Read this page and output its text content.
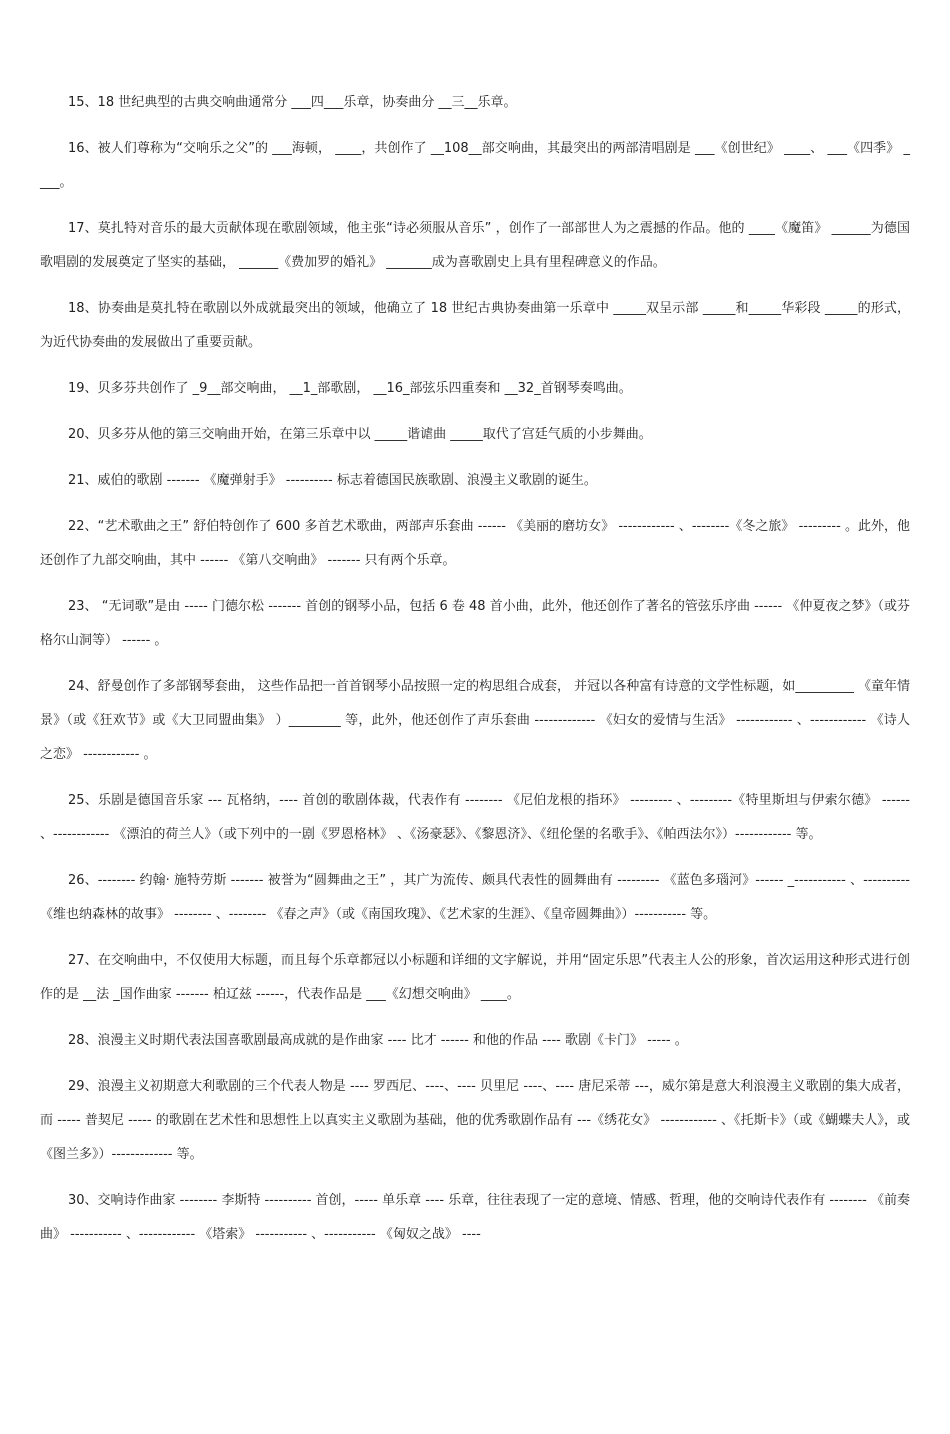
15、18 世纪典型的古典交响曲通常分 ___四___乐章，协奏曲分 __三__乐章。

16、被人们尊称为“交响乐之父”的 ___海顿， ____，共创作了 __108__部交响曲，其最突出的两部清唱剧是 ___《创世纪》 ____、 ___《四季》 ____。

17、莫扎特对音乐的最大贡献体现在歌剧领域，他主张“诗必须服从音乐” ，创作了一部部世人为之震撼的作品。他的 ____《魔笛》 ______为德国歌唱剧的发展奠定了坚实的基础， ______《费加罗的婚礼》 _______成为喜歌剧史上具有里程碑意义的作品。

18、协奏曲是莫扎特在歌剧以外成就最突出的领域，他确立了 18 世纪古典协奏曲第一乐章中 _____双呈示部 _____和_____华彩段 _____的形式，为近代协奏曲的发展做出了重要贡献。

19、贝多芬共创作了 _9__部交响曲， __1_部歌剧， __16_部弦乐四重奏和 __32_首钢琴奏鸣曲。

20、贝多芬从他的第三交响曲开始，在第三乐章中以 _____谐谑曲 _____取代了宫廷气质的小步舞曲。

21、威伯的歌剧 ------- 《魔弹射手》 ---------- 标志着德国民族歌剧、浪漫主义歌剧的诞生。

22、“艺术歌曲之王” 舒伯特创作了 600 多首艺术歌曲，两部声乐套曲 ------ 《美丽的磨坊女》 ------------ 、--------《冬之旅》 --------- 。此外，他还创作了九部交响曲，其中 ------ 《第八交响曲》 ------- 只有两个乐章。

23、 “无词歌”是由 ----- 门德尔松 ------- 首创的钢琴小品，包括 6 卷 48 首小曲，此外，他还创作了著名的管弦乐序曲 ------ 《仲夏夜之梦》（或芬格尔山洞等） ------ 。

24、舒曼创作了多部钢琴套曲， 这些作品把一首首钢琴小品按照一定的构思组合成套， 并冠以各种富有诗意的文学性标题，如_________ 《童年情景》（或《狂欢节》或《大卫同盟曲集》 ）________ 等，此外，他还创作了声乐套曲 ------------- 《妇女的爱情与生活》 ------------ 、------------ 《诗人之恋》 ------------ 。

25、乐剧是德国音乐家 --- 瓦格纳，---- 首创的歌剧体裁，代表作有 -------- 《尼伯龙根的指环》 --------- 、---------《特里斯坦与伊索尔德》 ------ 、------------ 《漂泊的荷兰人》（或下列中的一剧《罗恩格林》 、《汤豪瑟》、《黎恩济》、《纽伦堡的名歌手》、《帕西法尔》）------------ 等。

26、-------- 约翰· 施特劳斯 ------- 被誉为“圆舞曲之王” ，其广为流传、颇具代表性的圆舞曲有 --------- 《蓝色多瑙河》------ _----------- 、---------- 《维也纳森林的故事》 -------- 、-------- 《春之声》（或《南国玫瑰》、《艺术家的生涯》、《皇帝圆舞曲》）----------- 等。

27、在交响曲中，不仅使用大标题，而且每个乐章都冠以小标题和详细的文字解说，并用“固定乐思”代表主人公的形象，首次运用这种形式进行创作的是 __法 _国作曲家 ------- 柏辽兹 ------，代表作品是 ___《幻想交响曲》 ____。

28、浪漫主义时期代表法国喜歌剧最高成就的是作曲家 ---- 比才 ------ 和他的作品 ---- 歌剧《卡门》 ----- 。

29、浪漫主义初期意大利歌剧的三个代表人物是 ---- 罗西尼、----、---- 贝里尼 ----、---- 唐尼采蒂 ---，威尔第是意大利浪漫主义歌剧的集大成者，而 ----- 普契尼 ----- 的歌剧在艺术性和思想性上以真实主义歌剧为基础，他的优秀歌剧作品有 ---《绣花女》 ------------ 、《托斯卡》（或《蝴蝶夫人》，或《图兰多》）------------- 等。

30、交响诗作曲家 -------- 李斯特 ---------- 首创，----- 单乐章 ---- 乐章，往往表现了一定的意境、情感、哲理，他的交响诗代表作有 -------- 《前奏曲》 ----------- 、------------ 《塔索》 ----------- 、----------- 《匈奴之战》 ----
